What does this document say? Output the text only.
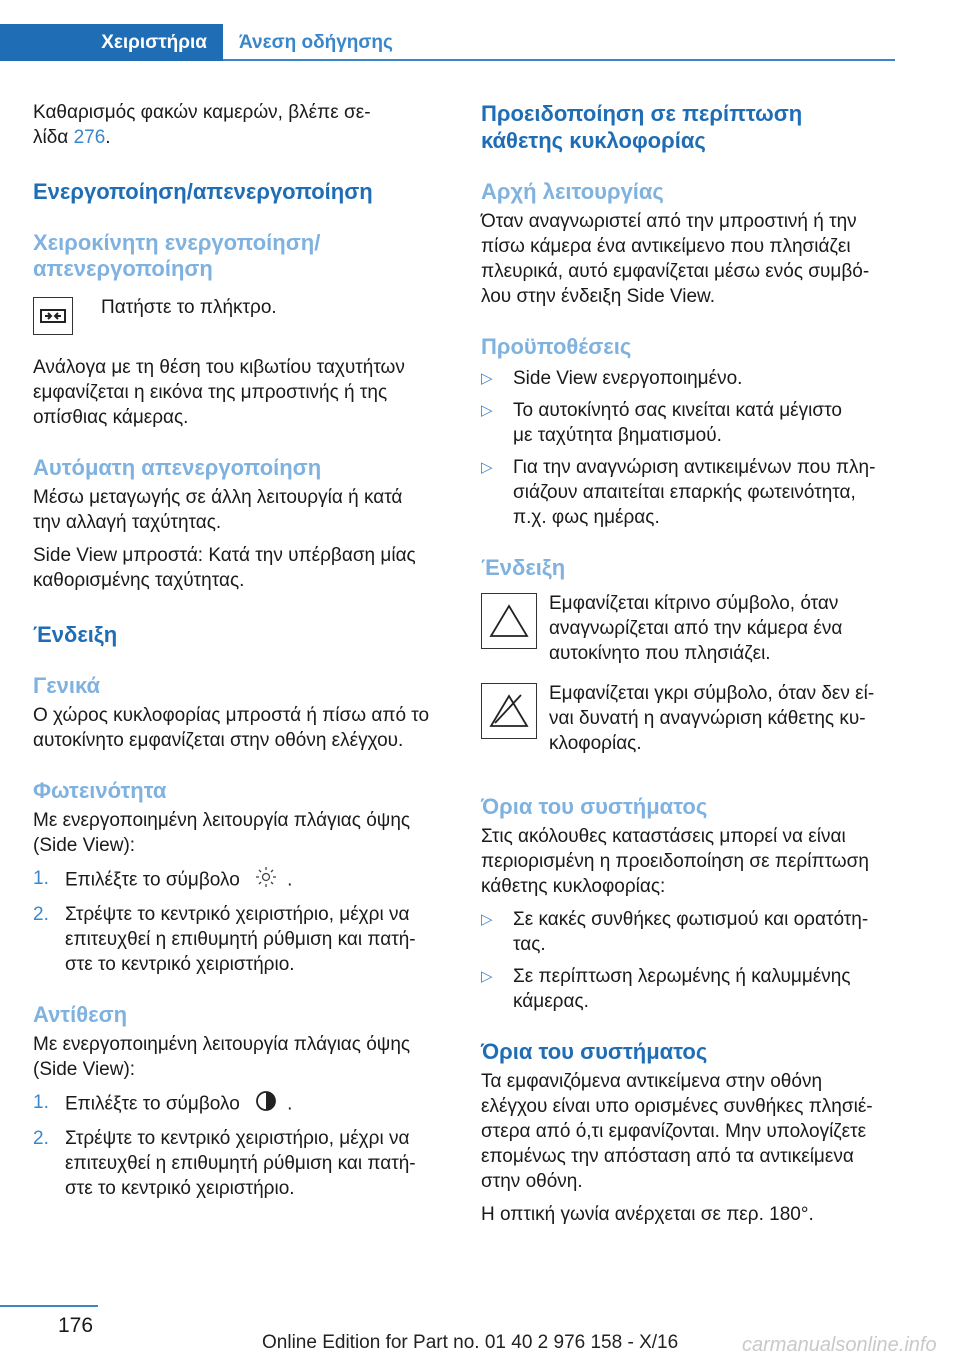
Χειριστήρια	Άνεση οδήγησης

Καθαρισμός φακών καμερών, βλέπε σε-
λίδα 276.

Ενεργοποίηση/απενεργοποίηση
Χειροκίνητη ενεργοποίηση/
απενεργοποίηση

Πατήστε το πλήκτρο.

Ανάλογα με τη θέση του κιβωτίου ταχυτήτων
εμφανίζεται η εικόνα της μπροστινής ή της
οπίσθιας κάμερας.

Αυτόματη απενεργοποίηση

Μέσω μεταγωγής σε άλλη λειτουργία ή κατά
την αλλαγή ταχύτητας.

Side View μπροστά: Κατά την υπέρβαση μίας
καθορισμένης ταχύτητας.

Ένδειξη
Γενικά

Ο χώρος κυκλοφορίας μπροστά ή πίσω από το
αυτοκίνητο εμφανίζεται στην οθόνη ελέγχου.

Φωτεινότητα

Με ενεργοποιημένη λειτουργία πλάγιας όψης
(Side View):

1. Επιλέξτε το σύμβολο .
2. Στρέψτε το κεντρικό χειριστήριο, μέχρι να
επιτευχθεί η επιθυμητή ρύθμιση και πατή-
στε το κεντρικό χειριστήριο.
Αντίθεση

Με ενεργοποιημένη λειτουργία πλάγιας όψης
(Side View):

1. Επιλέξτε το σύμβολο .
2. Στρέψτε το κεντρικό χειριστήριο, μέχρι να
επιτευχθεί η επιθυμητή ρύθμιση και πατή-
στε το κεντρικό χειριστήριο.
Προειδοποίηση σε περίπτωση
κάθετης κυκλοφορίας
Αρχή λειτουργίας

Όταν αναγνωριστεί από την μπροστινή ή την
πίσω κάμερα ένα αντικείμενο που πλησιάζει
πλευρικά, αυτό εμφανίζεται μέσω ενός συμβό-
λου στην ένδειξη Side View.

Προϋποθέσεις
▷	Side View ενεργοποιημένο.
▷	Το αυτοκίνητό σας κινείται κατά μέγιστο
με ταχύτητα βηματισμού.
▷	Για την αναγνώριση αντικειμένων που πλη-
σιάζουν απαιτείται επαρκής φωτεινότητα,
π.χ. φως ημέρας.
Ένδειξη

Εμφανίζεται κίτρινο σύμβολο, όταν
αναγνωρίζεται από την κάμερα ένα
αυτοκίνητο που πλησιάζει.

Εμφανίζεται γκρι σύμβολο, όταν δεν εί-
ναι δυνατή η αναγνώριση κάθετης κυ-
κλοφορίας.

Όρια του συστήματος

Στις ακόλουθες καταστάσεις μπορεί να είναι
περιορισμένη η προειδοποίηση σε περίπτωση
κάθετης κυκλοφορίας:

▷	Σε κακές συνθήκες φωτισμού και ορατότη-
τας.
▷	Σε περίπτωση λερωμένης ή καλυμμένης
κάμερας.
Όρια του συστήματος

Τα εμφανιζόμενα αντικείμενα στην οθόνη
ελέγχου είναι υπο ορισμένες συνθήκες πλησιέ-
στερα από ό,τι εμφανίζονται. Μην υπολογίζετε
επομένως την απόσταση από τα αντικείμενα
στην οθόνη.

Η οπτική γωνία ανέρχεται σε περ. 180°.

176
Online Edition for Part no. 01 40 2 976 158 - X/16	carmanualsonline.info
